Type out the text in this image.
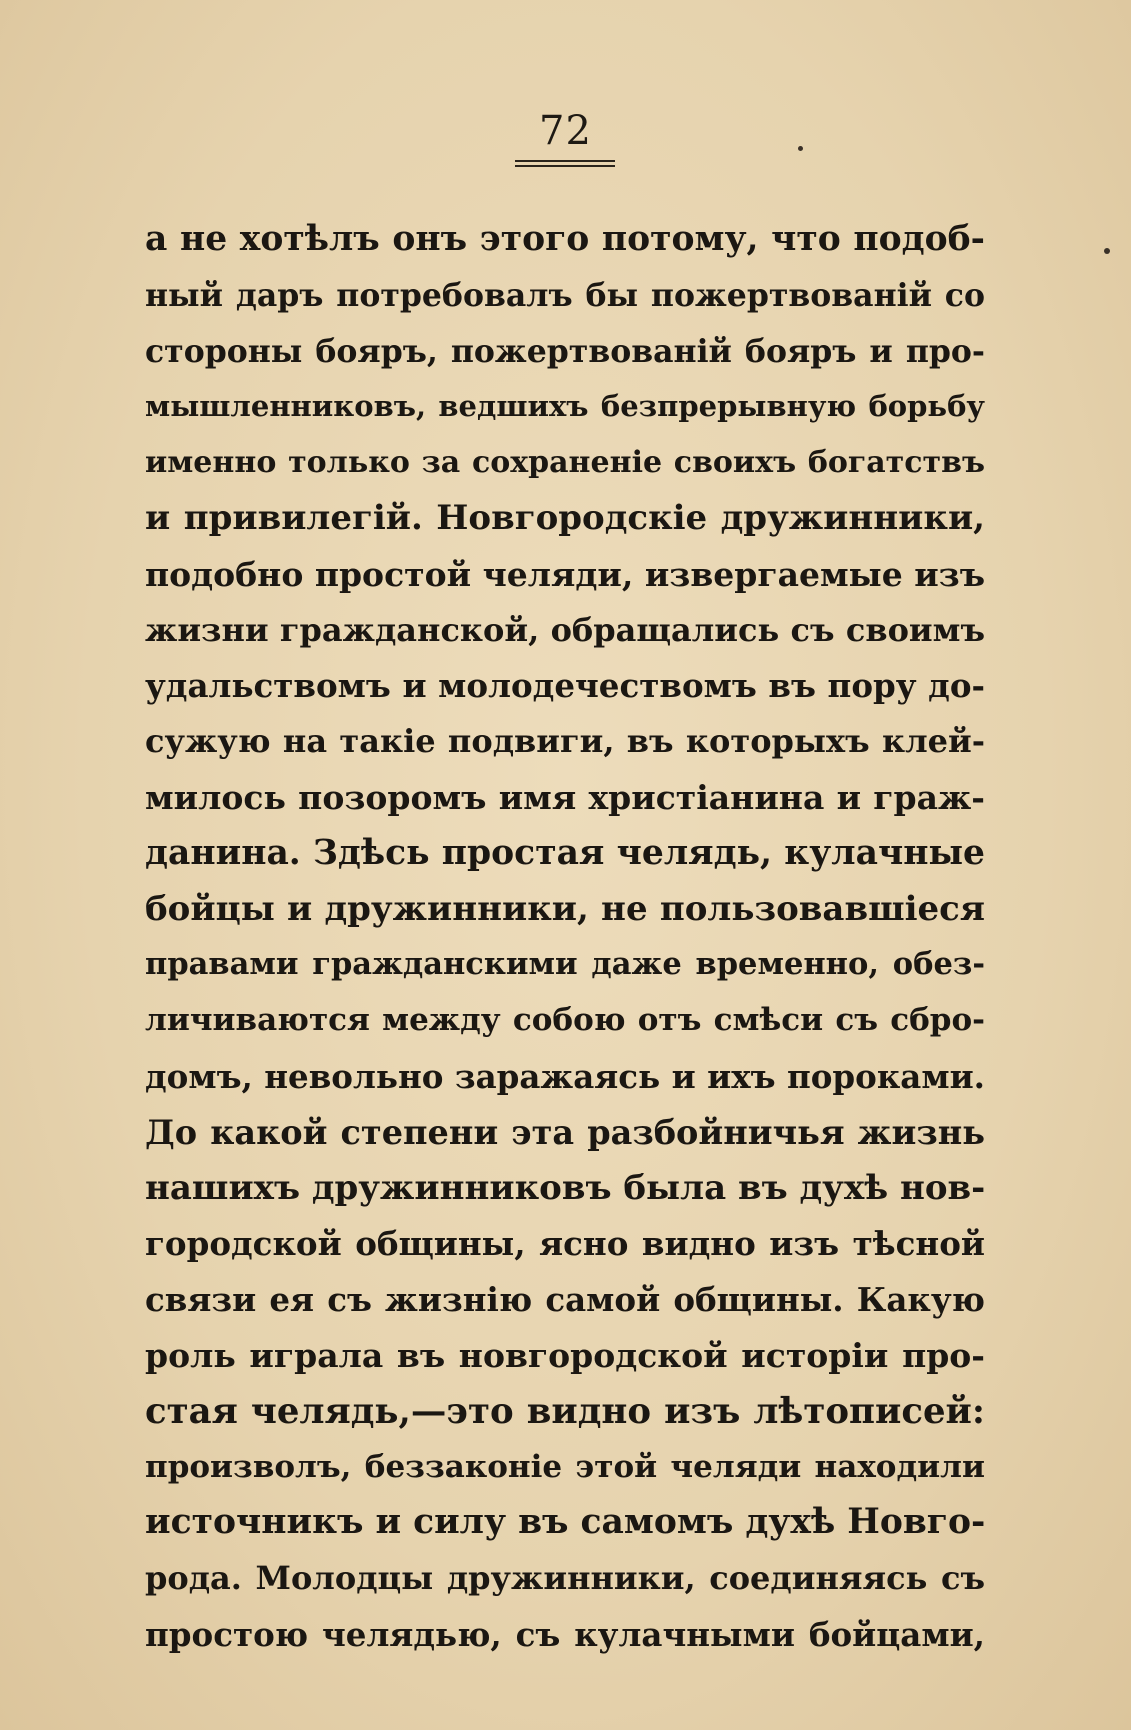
72
а не хотѣлъ онъ этого потому, что подоб-
ный даръ потребовалъ бы пожертвованій со
стороны бояръ, пожертвованій бояръ и про-
мышленниковъ, ведшихъ безпрерывную борьбу
именно только за сохраненіе своихъ богатствъ
и привилегій. Новгородскіе дружинники,
подобно простой челяди, извергаемые изъ
жизни гражданской, обращались съ своимъ
удальствомъ и молодечествомъ въ пору до-
сужую на такіе подвиги, въ которыхъ клей-
милось позоромъ имя христіанина и граж-
данина. Здѣсь простая челядь, кулачные
бойцы и дружинники, не пользовавшіеся
правами гражданскими даже временно, обез-
личиваются между собою отъ смѣси съ сбро-
домъ, невольно заражаясь и ихъ пороками.
До какой степени эта разбойничья жизнь
нашихъ дружинниковъ была въ духѣ нов-
городской общины, ясно видно изъ тѣсной
связи ея съ жизнію самой общины. Какую
роль играла въ новгородской исторіи про-
стая челядь,—это видно изъ лѣтописей:
произволъ, беззаконіе этой челяди находили
источникъ и силу въ самомъ духѣ Новго-
рода. Молодцы дружинники, соединяясь съ
простою челядью, съ кулачными бойцами,
